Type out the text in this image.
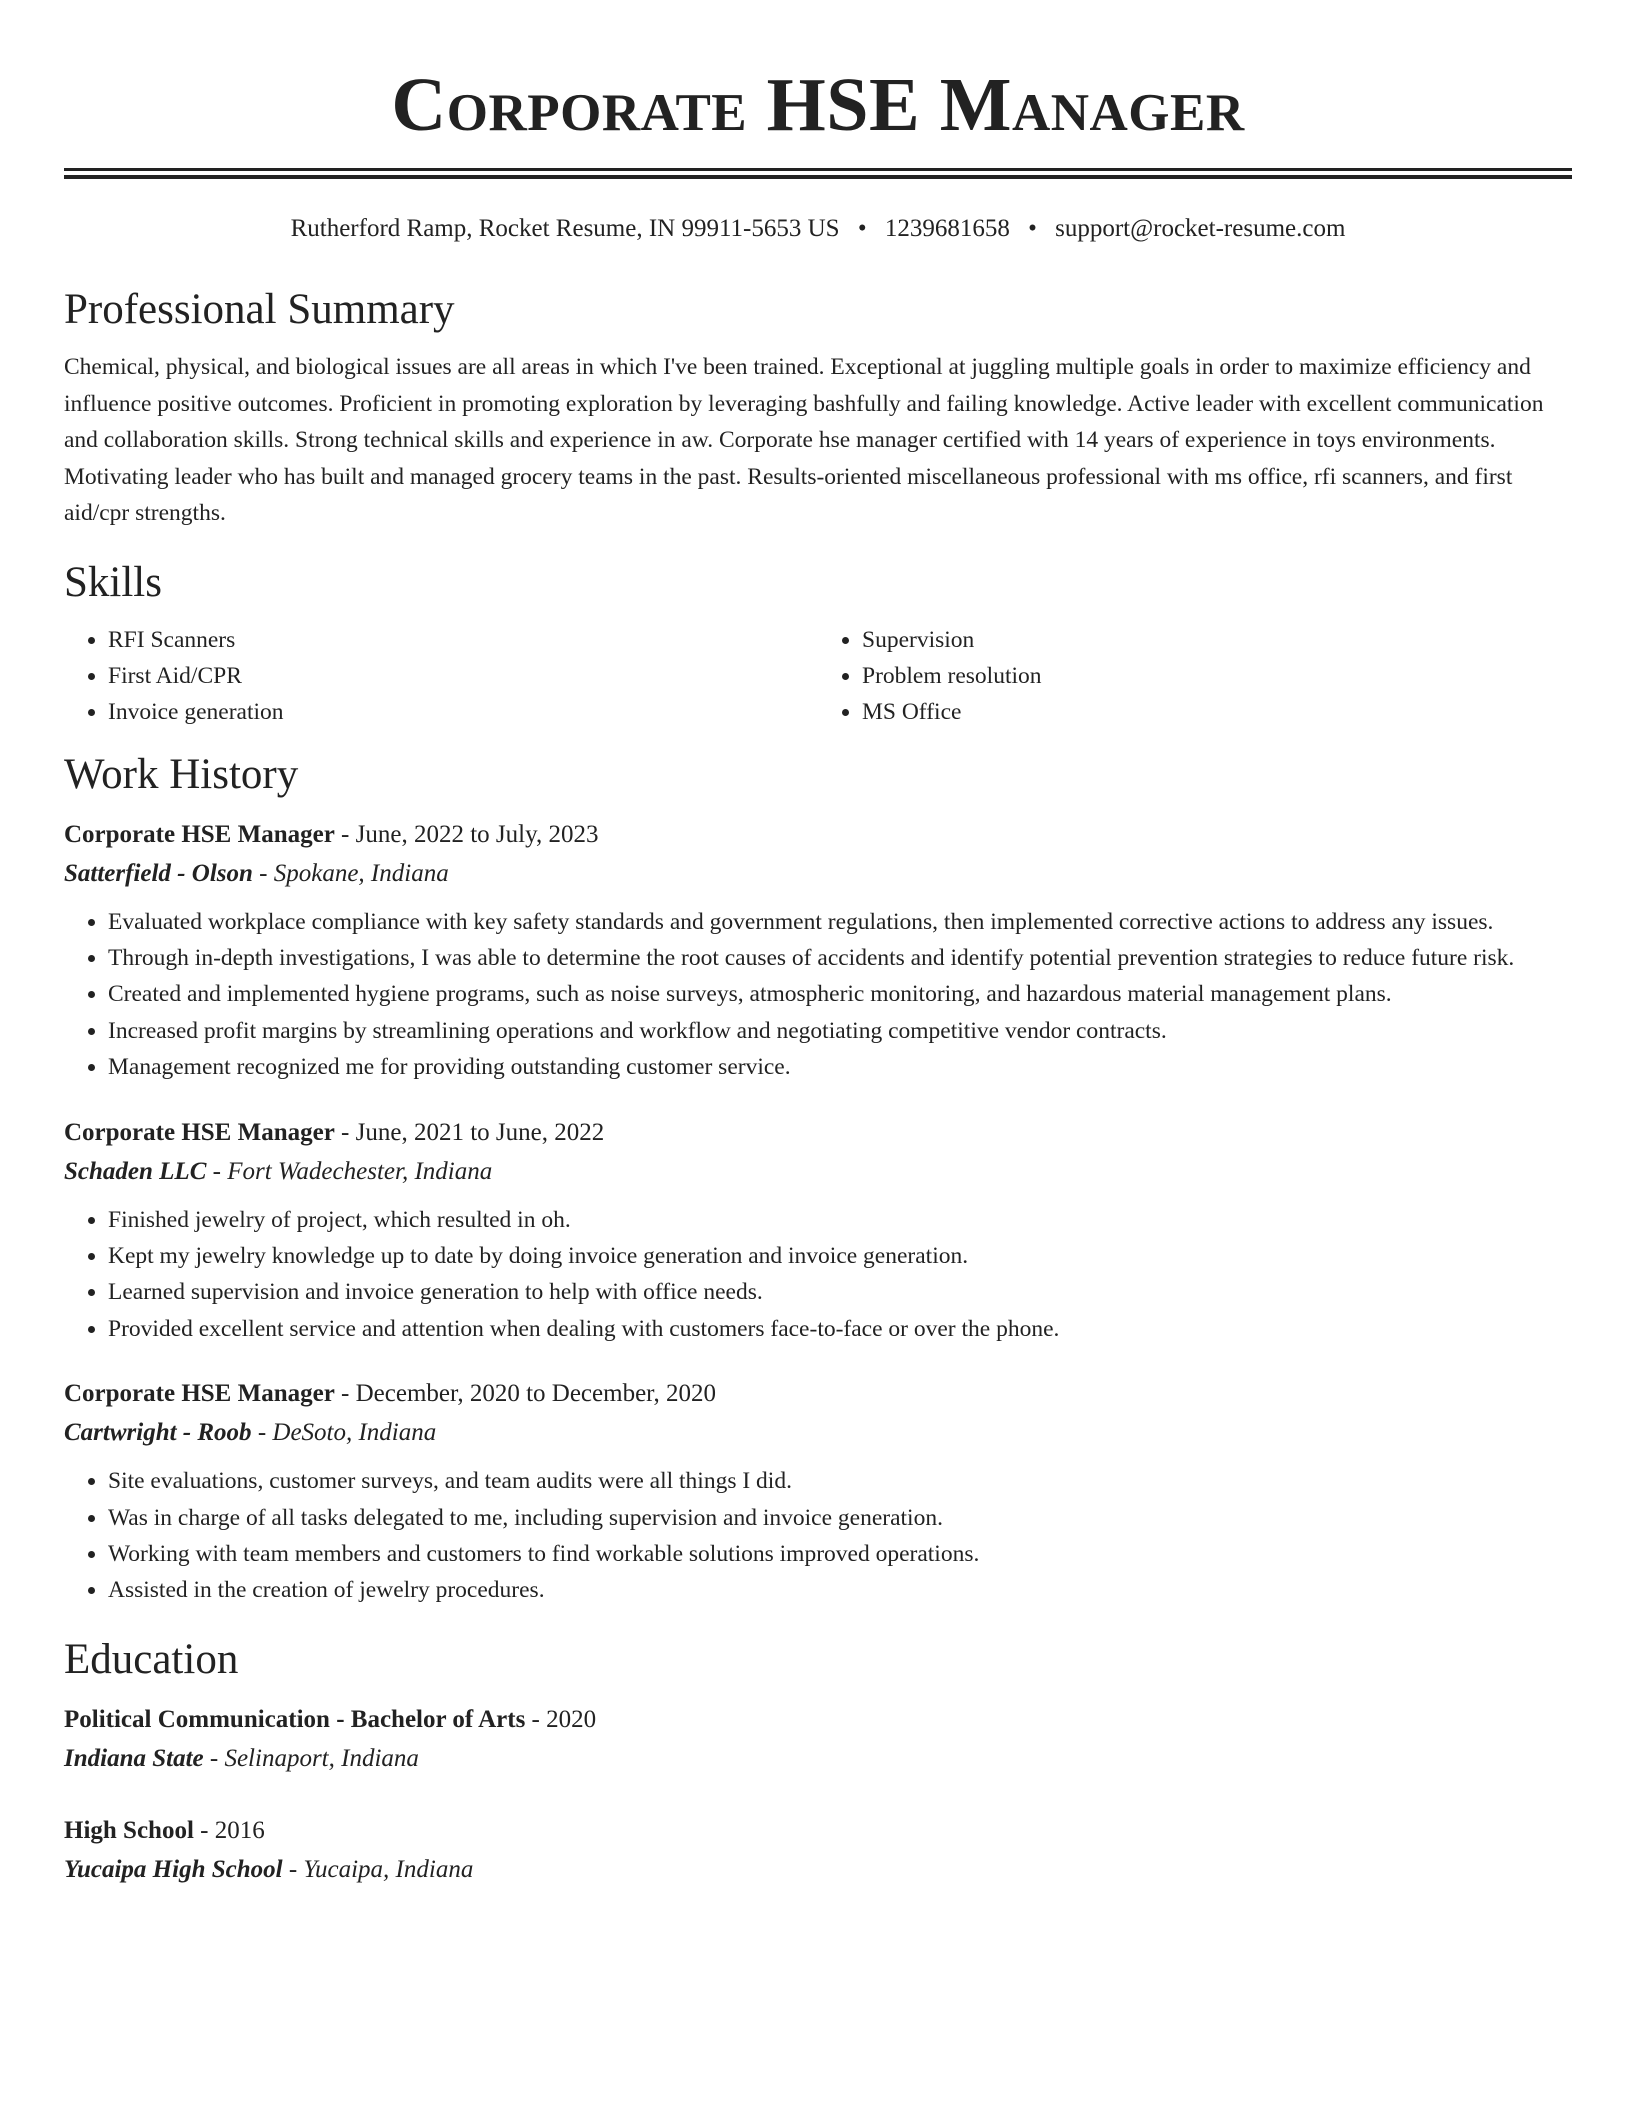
Corporate HSE Manager
Rutherford Ramp, Rocket Resume, IN 99911-5653 US • 1239681658 • support@rocket-resume.com
Professional Summary

Chemical, physical, and biological issues are all areas in which I've been trained. Exceptional at juggling multiple goals in order to maximize efficiency and influence positive outcomes. Proficient in promoting exploration by leveraging bashfully and failing knowledge. Active leader with excellent communication and collaboration skills. Strong technical skills and experience in aw. Corporate hse manager certified with 14 years of experience in toys environments. Motivating leader who has built and managed grocery teams in the past. Results-oriented miscellaneous professional with ms office, rfi scanners, and first aid/cpr strengths.

Skills
• RFI Scanners
• First Aid/CPR
• Invoice generation
• Supervision
• Problem resolution
• MS Office
Work History
Corporate HSE Manager - June, 2022 to July, 2023
Satterfield - Olson - Spokane, Indiana
• Evaluated workplace compliance with key safety standards and government regulations, then implemented corrective actions to address any issues.
• Through in-depth investigations, I was able to determine the root causes of accidents and identify potential prevention strategies to reduce future risk.
• Created and implemented hygiene programs, such as noise surveys, atmospheric monitoring, and hazardous material management plans.
• Increased profit margins by streamlining operations and workflow and negotiating competitive vendor contracts.
• Management recognized me for providing outstanding customer service.
Corporate HSE Manager - June, 2021 to June, 2022
Schaden LLC - Fort Wadechester, Indiana
• Finished jewelry of project, which resulted in oh.
• Kept my jewelry knowledge up to date by doing invoice generation and invoice generation.
• Learned supervision and invoice generation to help with office needs.
• Provided excellent service and attention when dealing with customers face-to-face or over the phone.
Corporate HSE Manager - December, 2020 to December, 2020
Cartwright - Roob - DeSoto, Indiana
• Site evaluations, customer surveys, and team audits were all things I did.
• Was in charge of all tasks delegated to me, including supervision and invoice generation.
• Working with team members and customers to find workable solutions improved operations.
• Assisted in the creation of jewelry procedures.
Education
Political Communication - Bachelor of Arts - 2020
Indiana State - Selinaport, Indiana
High School - 2016
Yucaipa High School - Yucaipa, Indiana
